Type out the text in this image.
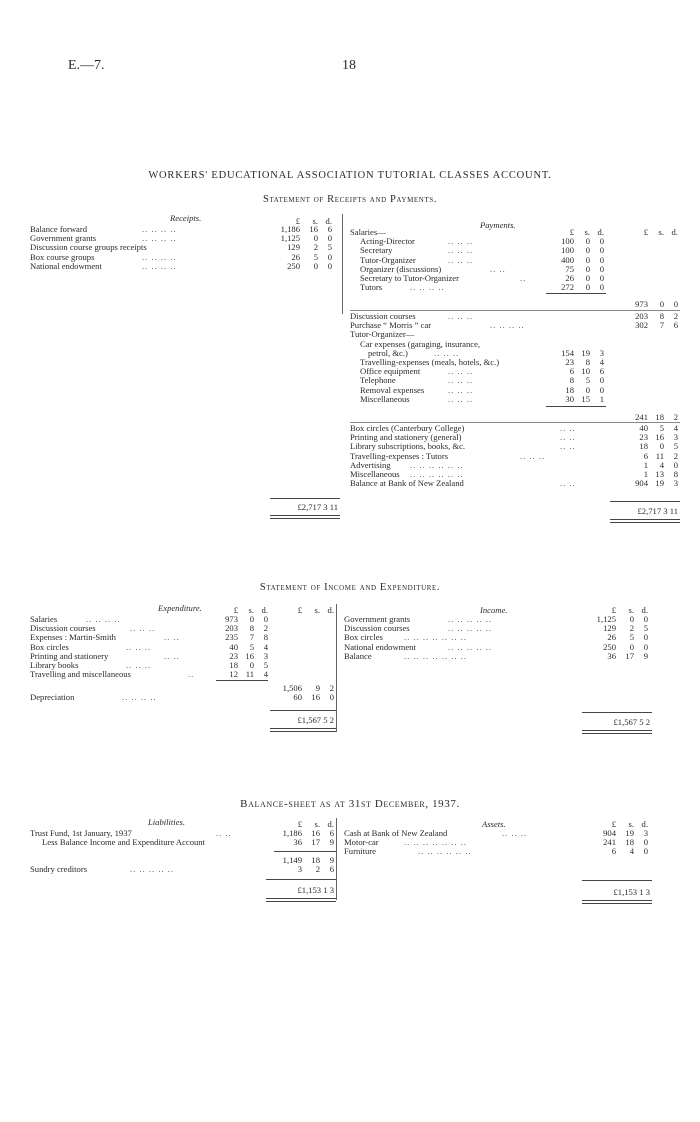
E.—7.	18
WORKERS' EDUCATIONAL ASSOCIATION TUTORIAL CLASSES ACCOUNT.
Statement of Receipts and Payments.
Receipts.
Payments.
£	s. d.
Balance forward	.. .. .. ..	1,186	16	6
Government grants	.. .. .. ..	1,125	0	0
Discussion course groups receipts	129	2	5
Box course groups	.. .. .. ..	26	5	0
National endowment	.. .. .. ..	250	0	0
£2,717 3 11
Salaries—	£	s. d.	£	s. d.
Acting-Director	.. .. ..	100	0	0
Secretary	.. .. ..	100	0	0
Tutor-Organizer	.. .. ..	400	0	0
Organizer (discussions)	.. ..	75	0	0
Secretary to Tutor-Organizer	..	26	0	0
Tutors	.. .. .. ..	272	0	0
973	0	0
Discussion courses	.. .. ..	203	8	2
Purchase “ Morris ” car	.. .. .. ..	302	7	6
Tutor-Organizer—
Car expenses (garaging, insurance,
petrol, &c.)	.. .. ..	154 19	3
Travelling-expenses (meals, hotels, &c.)	23	8	4
Office equipment	.. .. ..	6 10	6
Telephone	.. .. ..	8	5	0
Removal expenses	.. .. ..	18	0	0
Miscellaneous	.. .. ..	30 15	1
241 18	2
Box circles (Canterbury College)	.. ..	40	5	4
Printing and stationery (general)	.. ..	23 16	3
Library subscriptions, books, &c.	.. ..	18	0	5
Travelling-expenses : Tutors	.. .. ..	6 11	2
Advertising .. .. .. .. .. ..	1	4	0
Miscellaneous .. .. .. .. .. ..	1 13	8
Balance at Bank of New Zealand	.. ..	904 19	3
£2,717 3 11
Statement of Income and Expenditure.
Expenditure.	Income.
£	s. d.	£	s. d.
Salaries	.. .. .. ..	973	0	0
Discussion courses	.. .. ..	203	8	2
Expenses : Martin-Smith	.. ..	235	7	8
Box circles	.. .. ..	40	5	4
Printing and stationery	.. ..	23 16	3
Library books	.. .. ..	18	0	5
Travelling and miscellaneous	..	12 11	4
1,506	9	2
Depreciation	.. .. .. ..	60	16	0
£1,567 5 2
£	s. d.
Government grants	.. .. .. .. ..	1,125	0	0
Discussion courses	.. .. .. .. ..	129	2	5
Box circles .. .. .. .. .. .. ..	26	5	0
National endowment	.. .. .. .. ..	250	0	0
Balance	.. .. .. .. .. .. ..	36	17	9
£1,567 5 2
Balance-sheet as at 31st December, 1937.
Liabilities.	Assets.
£	s. d.
Trust Fund, 1st January, 1937	.. ..	1,186	16	6
Less Balance Income and Expenditure Account	36	17	9
1,149	18	9
Sundry creditors	.. .. .. .. ..	3	2	6
£1,153 1 3
£	s. d.
Cash at Bank of New Zealand	.. .. ..	904	19	3
Motor-car	.. .. .. .. .. .. ..	241	18	0
Furniture	.. .. .. .. .. ..	6	4	0
£1,153 1 3
